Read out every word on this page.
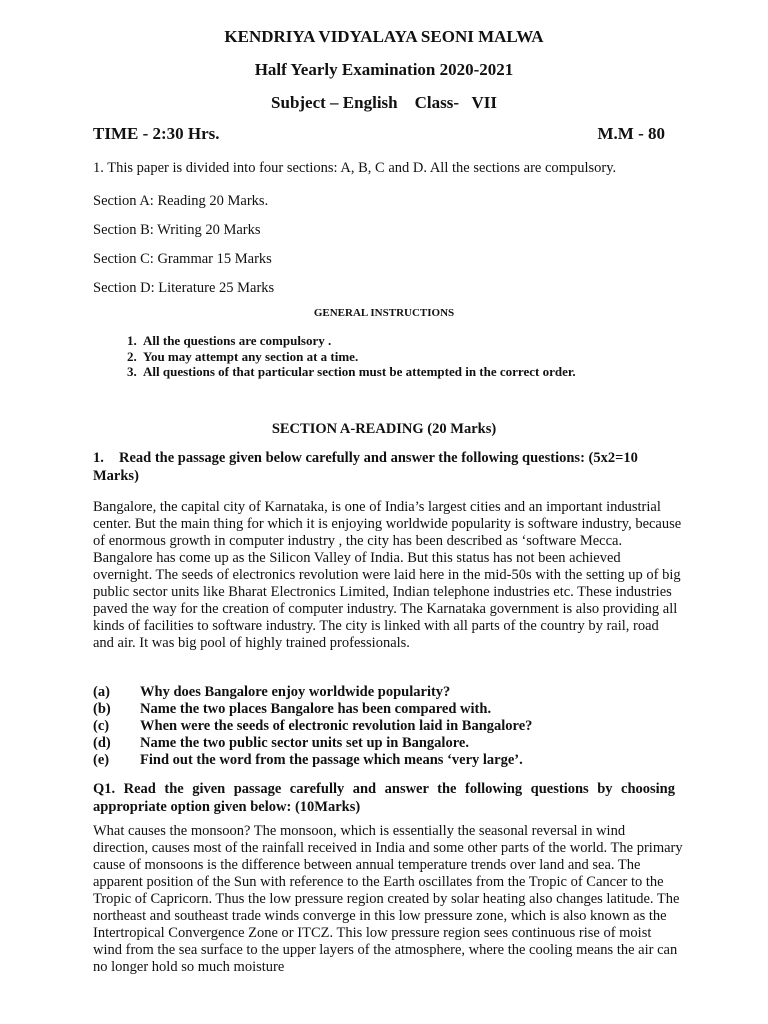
KENDRIYA VIDYALAYA SEONI MALWA
Half Yearly Examination 2020-2021
Subject – English    Class-   VII
TIME - 2:30 Hrs.	M.M - 80
1. This paper is divided into four sections: A, B, C and D. All the sections are compulsory.
Section A: Reading 20 Marks.
Section B: Writing 20 Marks
Section C: Grammar 15 Marks
Section D: Literature 25 Marks
GENERAL INSTRUCTIONS
1. All the questions are compulsory .
2. You may attempt any section at a time.
3. All questions of that particular section must be attempted in the correct order.
SECTION A-READING (20 Marks)
1. Read the passage given below carefully and answer the following questions: (5x2=10 Marks)

Bangalore, the capital city of Karnataka, is one of India’s largest cities and an important industrial center. But the main thing for which it is enjoying worldwide popularity is software industry, because of enormous growth in computer industry , the city has been described as ‘software Mecca. Bangalore has come up as the Silicon Valley of India. But this status has not been achieved overnight. The seeds of electronics revolution were laid here in the mid-50s with the setting up of big public sector units like Bharat Electronics Limited, Indian telephone industries etc. These industries paved the way for the creation of computer industry. The Karnataka government is also providing all kinds of facilities to software industry. The city is linked with all parts of the country by rail, road and air. It was big pool of highly trained professionals.

(a)	Why does Bangalore enjoy worldwide popularity?
(b)	Name the two places Bangalore has been compared with.
(c)	When were the seeds of electronic revolution laid in Bangalore?
(d)	Name the two public sector units set up in Bangalore.
(e)	Find out the word from the passage which means ‘very large’.
Q1. Read the given passage carefully and answer the following questions by choosing appropriate option given below: (10Marks)

What causes the monsoon? The monsoon, which is essentially the seasonal reversal in wind direction, causes most of the rainfall received in India and some other parts of the world. The primary cause of monsoons is the difference between annual temperature trends over land and sea. The apparent position of the Sun with reference to the Earth oscillates from the Tropic of Cancer to the Tropic of Capricorn. Thus the low pressure region created by solar heating also changes latitude. The northeast and southeast trade winds converge in this low pressure zone, which is also known as the Intertropical Convergence Zone or ITCZ. This low pressure region sees continuous rise of moist wind from the sea surface to the upper layers of the atmosphere, where the cooling means the air can no longer hold so much moisture
